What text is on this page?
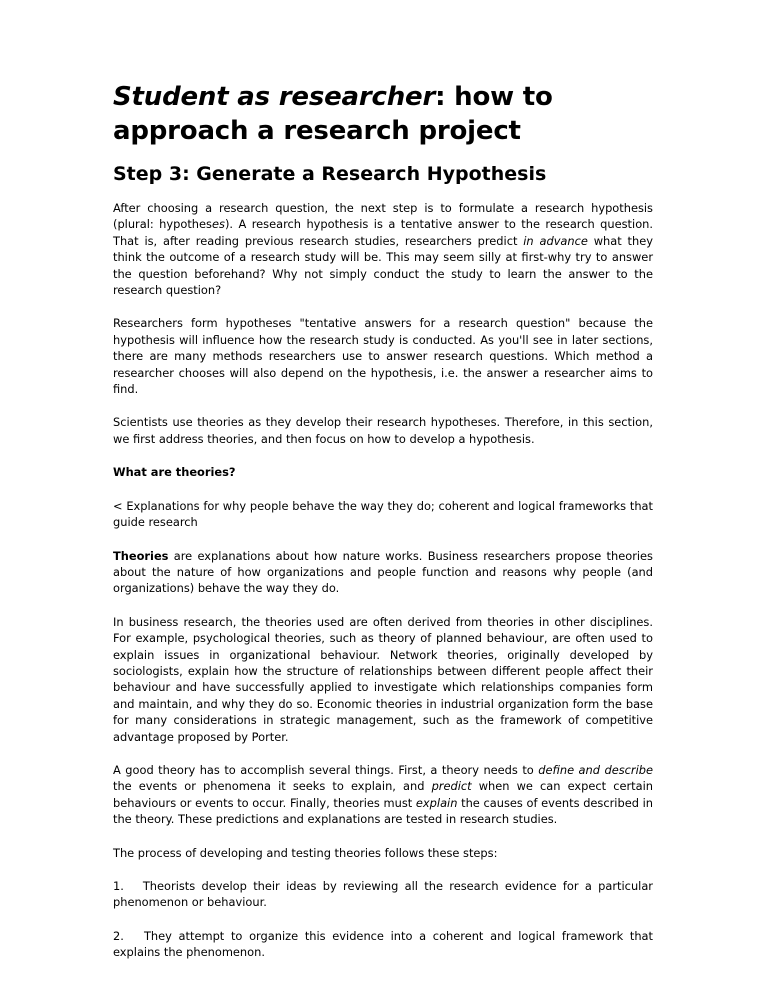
Student as researcher: how to approach a research project
Step 3: Generate a Research Hypothesis

After choosing a research question, the next step is to formulate a research hypothesis (plural: hypotheses). A research hypothesis is a tentative answer to the research question. That is, after reading previous research studies, researchers predict in advance what they think the outcome of a research study will be. This may seem silly at first-why try to answer the question beforehand? Why not simply conduct the study to learn the answer to the research question?

Researchers form hypotheses "tentative answers for a research question" because the hypothesis will influence how the research study is conducted. As you'll see in later sections, there are many methods researchers use to answer research questions. Which method a researcher chooses will also depend on the hypothesis, i.e. the answer a researcher aims to find.

Scientists use theories as they develop their research hypotheses. Therefore, in this section, we first address theories, and then focus on how to develop a hypothesis.

What are theories?

< Explanations for why people behave the way they do; coherent and logical frameworks that guide research

Theories are explanations about how nature works. Business researchers propose theories about the nature of how organizations and people function and reasons why people (and organizations) behave the way they do.

In business research, the theories used are often derived from theories in other disciplines. For example, psychological theories, such as theory of planned behaviour, are often used to explain issues in organizational behaviour. Network theories, originally developed by sociologists, explain how the structure of relationships between different people affect their behaviour and have successfully applied to investigate which relationships companies form and maintain, and why they do so. Economic theories in industrial organization form the base for many considerations in strategic management, such as the framework of competitive advantage proposed by Porter.

A good theory has to accomplish several things. First, a theory needs to define and describe the events or phenomena it seeks to explain, and predict when we can expect certain behaviours or events to occur. Finally, theories must explain the causes of events described in the theory. These predictions and explanations are tested in research studies.

The process of developing and testing theories follows these steps:

1.   Theorists develop their ideas by reviewing all the research evidence for a particular phenomenon or behaviour.

2.   They attempt to organize this evidence into a coherent and logical framework that explains the phenomenon.
